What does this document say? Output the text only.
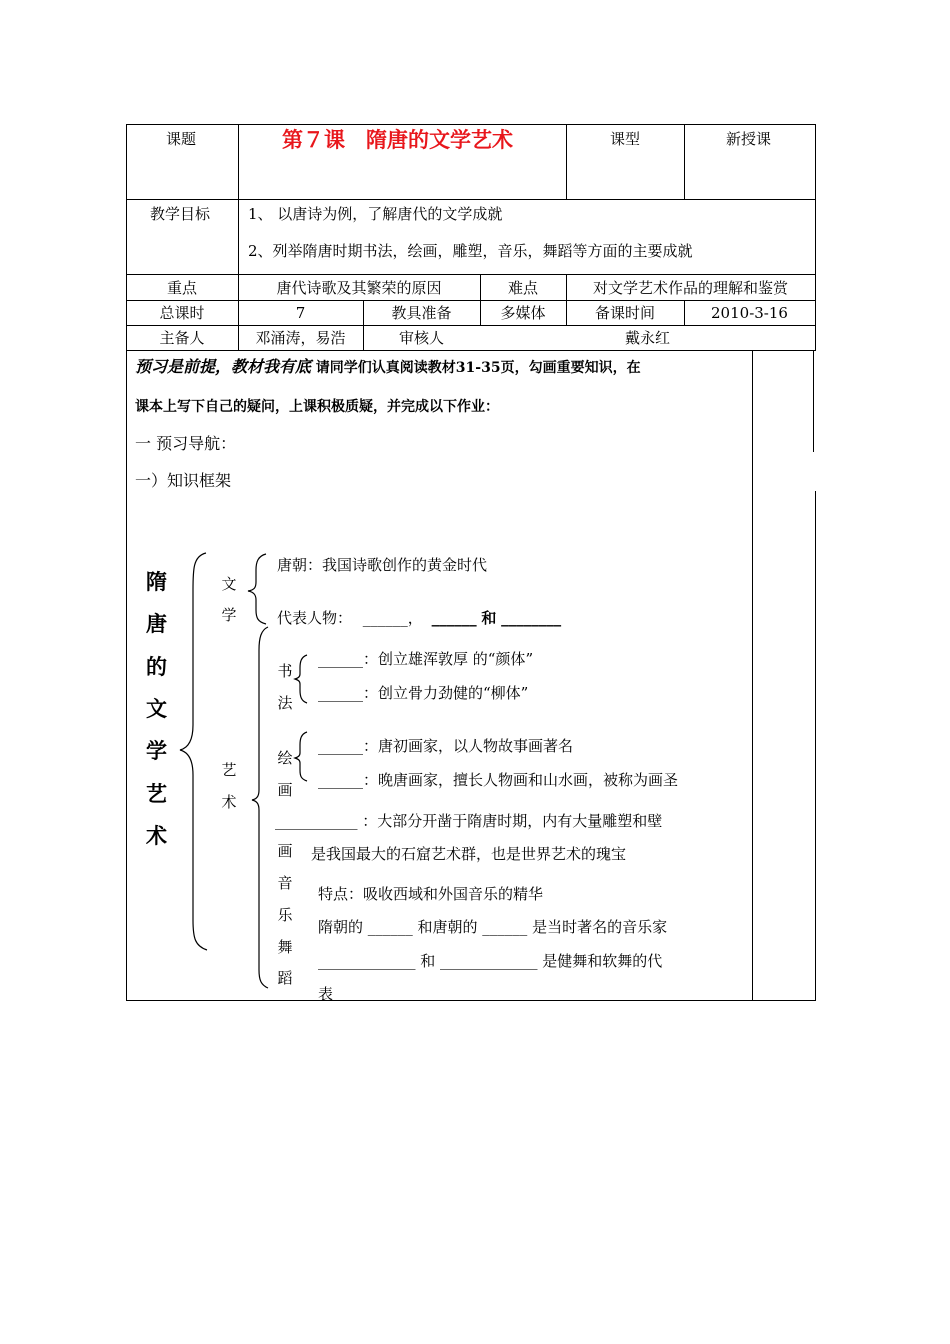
课题	第７课　隋唐的文学艺术	课型	新授课
教学目标	1、 以唐诗为例，了解唐代的文学成就
2、列举隋唐时期书法，绘画，雕塑，音乐，舞蹈等方面的主要成就
重点	唐代诗歌及其繁荣的原因	难点	对文学艺术作品的理解和鉴赏
总课时	7	教具准备	多媒体	备课时间	2010-3-16
主备人	邓涌涛，易浩	审核人	戴永红
预习是前提，教材我有底 请同学们认真阅读教材31-35页，勾画重要知识，在
课本上写下自己的疑问，上课积极质疑，并完成以下作业：
一 预习导航：
一）知识框架
隋
唐
的
文
学
艺
术
文
学
艺
术
唐朝：我国诗歌创作的黄金时代
代表人物： ______， ______ 和 ________
书
法
______：创立雄浑敦厚 的“颜体”
______：创立骨力劲健的“柳体”
绘
画
______：唐初画家，以人物故事画著名
______：晚唐画家，擅长人物画和山水画，被称为画圣
___________ ：大部分开凿于隋唐时期，内有大量雕塑和壁
画	是我国最大的石窟艺术群，也是世界艺术的瑰宝
音
乐
舞
蹈
特点：吸收西域和外国音乐的精华
隋朝的 ______ 和唐朝的 ______ 是当时著名的音乐家
_____________ 和 _____________ 是健舞和软舞的代
表
